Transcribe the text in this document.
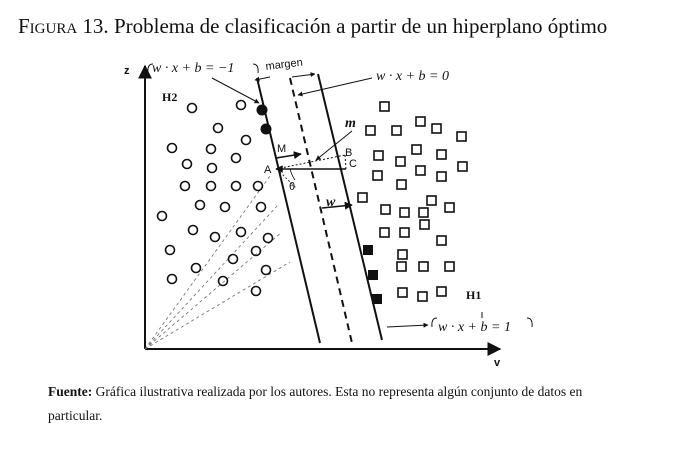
Figura 13. Problema de clasificación a partir de un hiperplano óptimo
z
v
w · x + b = −1	margen
w · x + b = 0
H2
H1
w · x + b = 1
M
m
A
B
C
θ
w
Fuente: Gráfica ilustrativa realizada por los autores. Esta no representa algún conjunto de datos en particular.
